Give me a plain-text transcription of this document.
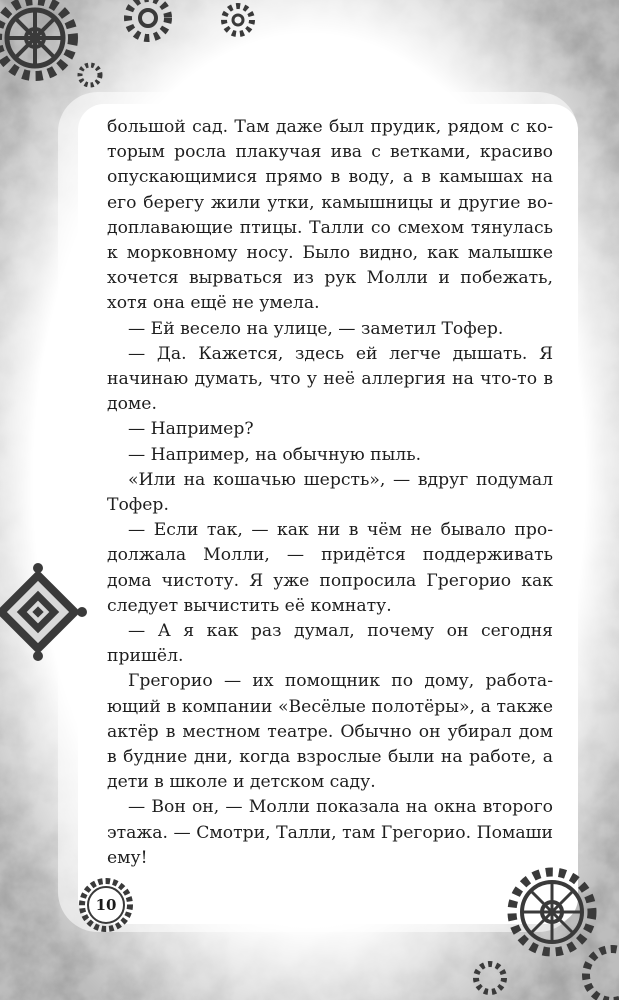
большой сад. Там даже был прудик, рядом с которым росла плакучая ива с ветками, красиво опускающимися прямо в воду, а в камышах на его берегу жили утки, камышницы и другие водоплавающие птицы. Талли со смехом тянулась к морковному носу. Было видно, как малышке хочется вырваться из рук Молли и побежать, хотя она ещё не умела.

— Ей весело на улице, — заметил Тофер.

— Да. Кажется, здесь ей легче дышать. Я начинаю думать, что у неё аллергия на что-то в доме.

— Например?

— Например, на обычную пыль.

«Или на кошачью шерсть», — вдруг подумал Тофер.

— Если так, — как ни в чём не бывало продолжала Молли, — придётся поддерживать дома чистоту. Я уже попросила Грегорио как следует вычистить её комнату.

— А я как раз думал, почему он сегодня пришёл.

Грегорио — их помощник по дому, работающий в компании «Весёлые полотёры», а также актёр в местном театре. Обычно он убирал дом в будние дни, когда взрослые были на работе, а дети в школе и детском саду.

— Вон он, — Молли показала на окна второго этажа. — Смотри, Талли, там Грегорио. Помаши ему!

10
